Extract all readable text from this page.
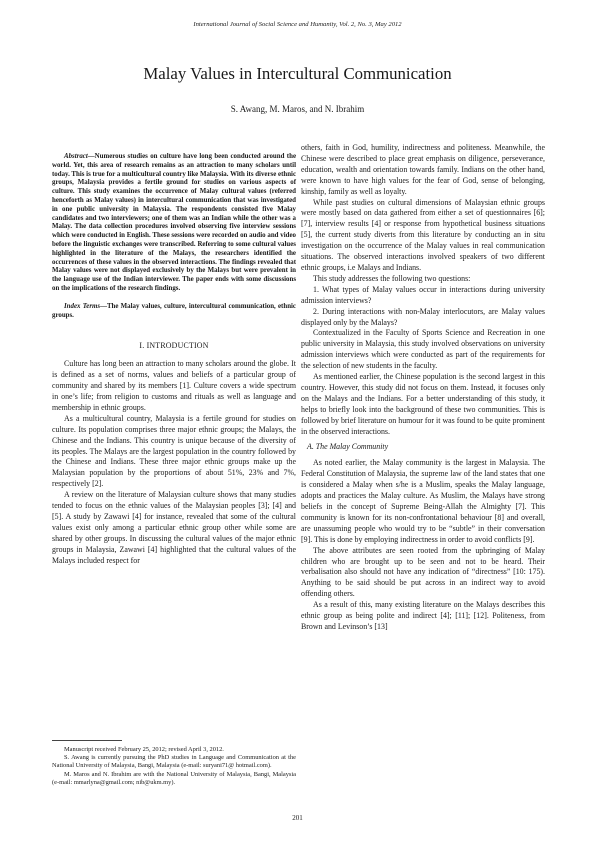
International Journal of Social Science and Humanity, Vol. 2, No. 3, May 2012
Malay Values in Intercultural Communication
S. Awang, M. Maros, and N. Ibrahim

Abstract—Numerous studies on culture have long been conducted around the world. Yet, this area of research remains as an attraction to many scholars until today. This is true for a multicultural country like Malaysia. With its diverse ethnic groups, Malaysia provides a fertile ground for studies on various aspects of culture. This study examines the occurrence of Malay cultural values (referred henceforth as Malay values) in intercultural communication that was investigated in one public university in Malaysia. The respondents consisted five Malay candidates and two interviewers; one of them was an Indian while the other was a Malay. The data collection procedures involved observing five interview sessions which were conducted in English. These sessions were recorded on audio and video before the linguistic exchanges were transcribed. Referring to some cultural values highlighted in the literature of the Malays, the researchers identified the occurrences of these values in the observed interactions. The findings revealed that Malay values were not displayed exclusively by the Malays but were prevalent in the language use of the Indian interviewer. The paper ends with some discussions on the implications of the research findings.

Index Terms—The Malay values, culture, intercultural communication, ethnic groups.

I. INTRODUCTION

Culture has long been an attraction to many scholars around the globe. It is defined as a set of norms, values and beliefs of a particular group of community and shared by its members [1]. Culture covers a wide spectrum in one’s life; from religion to customs and rituals as well as language and membership in ethnic groups.

As a multicultural country, Malaysia is a fertile ground for studies on culture. Its population comprises three major ethnic groups; the Malays, the Chinese and the Indians. This country is unique because of the diversity of its peoples. The Malays are the largest population in the country followed by the Chinese and Indians. These three major ethnic groups make up the Malaysian population by the proportions of about 51%, 23% and 7%, respectively [2].

A review on the literature of Malaysian culture shows that many studies tended to focus on the ethnic values of the Malaysian peoples [3]; [4] and [5]. A study by Zawawi [4] for instance, revealed that some of the cultural values exist only among a particular ethnic group other while some are shared by other groups. In discussing the cultural values of the major ethnic groups in Malaysia, Zawawi [4] highlighted that the cultural values of the Malays included respect for

Manuscript received February 25, 2012; revised April 3, 2012.

S. Awang is currently pursuing the PhD studies in Language and Communication at the National University of Malaysia, Bangi, Malaysia (e-mail: suryani71@ hotmail.com).

M. Maros and N. Ibrahim are with the National University of Malaysia, Bangi, Malaysia (e-mail: mmarlyna@gmail.com; nib@ukm.my).

others, faith in God, humility, indirectness and politeness. Meanwhile, the Chinese were described to place great emphasis on diligence, perseverance, education, wealth and orientation towards family. Indians on the other hand, were known to have high values for the fear of God, sense of belonging, kinship, family as well as loyalty.

While past studies on cultural dimensions of Malaysian ethnic groups were mostly based on data gathered from either a set of questionnaires [6];[7], interview results [4] or response from hypothetical business situations [5], the current study diverts from this literature by conducting an in situ investigation on the occurrence of the Malay values in real communication situations. The observed interactions involved speakers of two different ethnic groups, i.e Malays and Indians.

This study addresses the following two questions:

1. What types of Malay values occur in interactions during university admission interviews?

2. During interactions with non-Malay interlocutors, are Malay values displayed only by the Malays?

Contextualized in the Faculty of Sports Science and Recreation in one public university in Malaysia, this study involved observations on university admission interviews which were conducted as part of the requirements for the selection of new students in the faculty.

As mentioned earlier, the Chinese population is the second largest in this country. However, this study did not focus on them. Instead, it focuses only on the Malays and the Indians. For a better understanding of this study, it helps to briefly look into the background of these two communities. This is followed by brief literature on humour for it was found to be quite prominent in the observed interactions.

A. The Malay Community

As noted earlier, the Malay community is the largest in Malaysia. The Federal Constitution of Malaysia, the supreme law of the land states that one is considered a Malay when s/he is a Muslim, speaks the Malay language, adopts and practices the Malay culture. As Muslim, the Malays have strong beliefs in the concept of Supreme Being-Allah the Almighty [7]. This community is known for its non-confrontational behaviour [8] and overall, are unassuming people who would try to be “subtle” in their conversation [9]. This is done by employing indirectness in order to avoid conflicts [9].

The above attributes are seen rooted from the upbringing of Malay children who are brought up to be seen and not to be heard. Their verbalisation also should not have any indication of “directness” [10: 175). Anything to be said should be put across in an indirect way to avoid offending others.

As a result of this, many existing literature on the Malays describes this ethnic group as being polite and indirect [4]; [11]; [12]. Politeness, from Brown and Levinson’s [13]

201
